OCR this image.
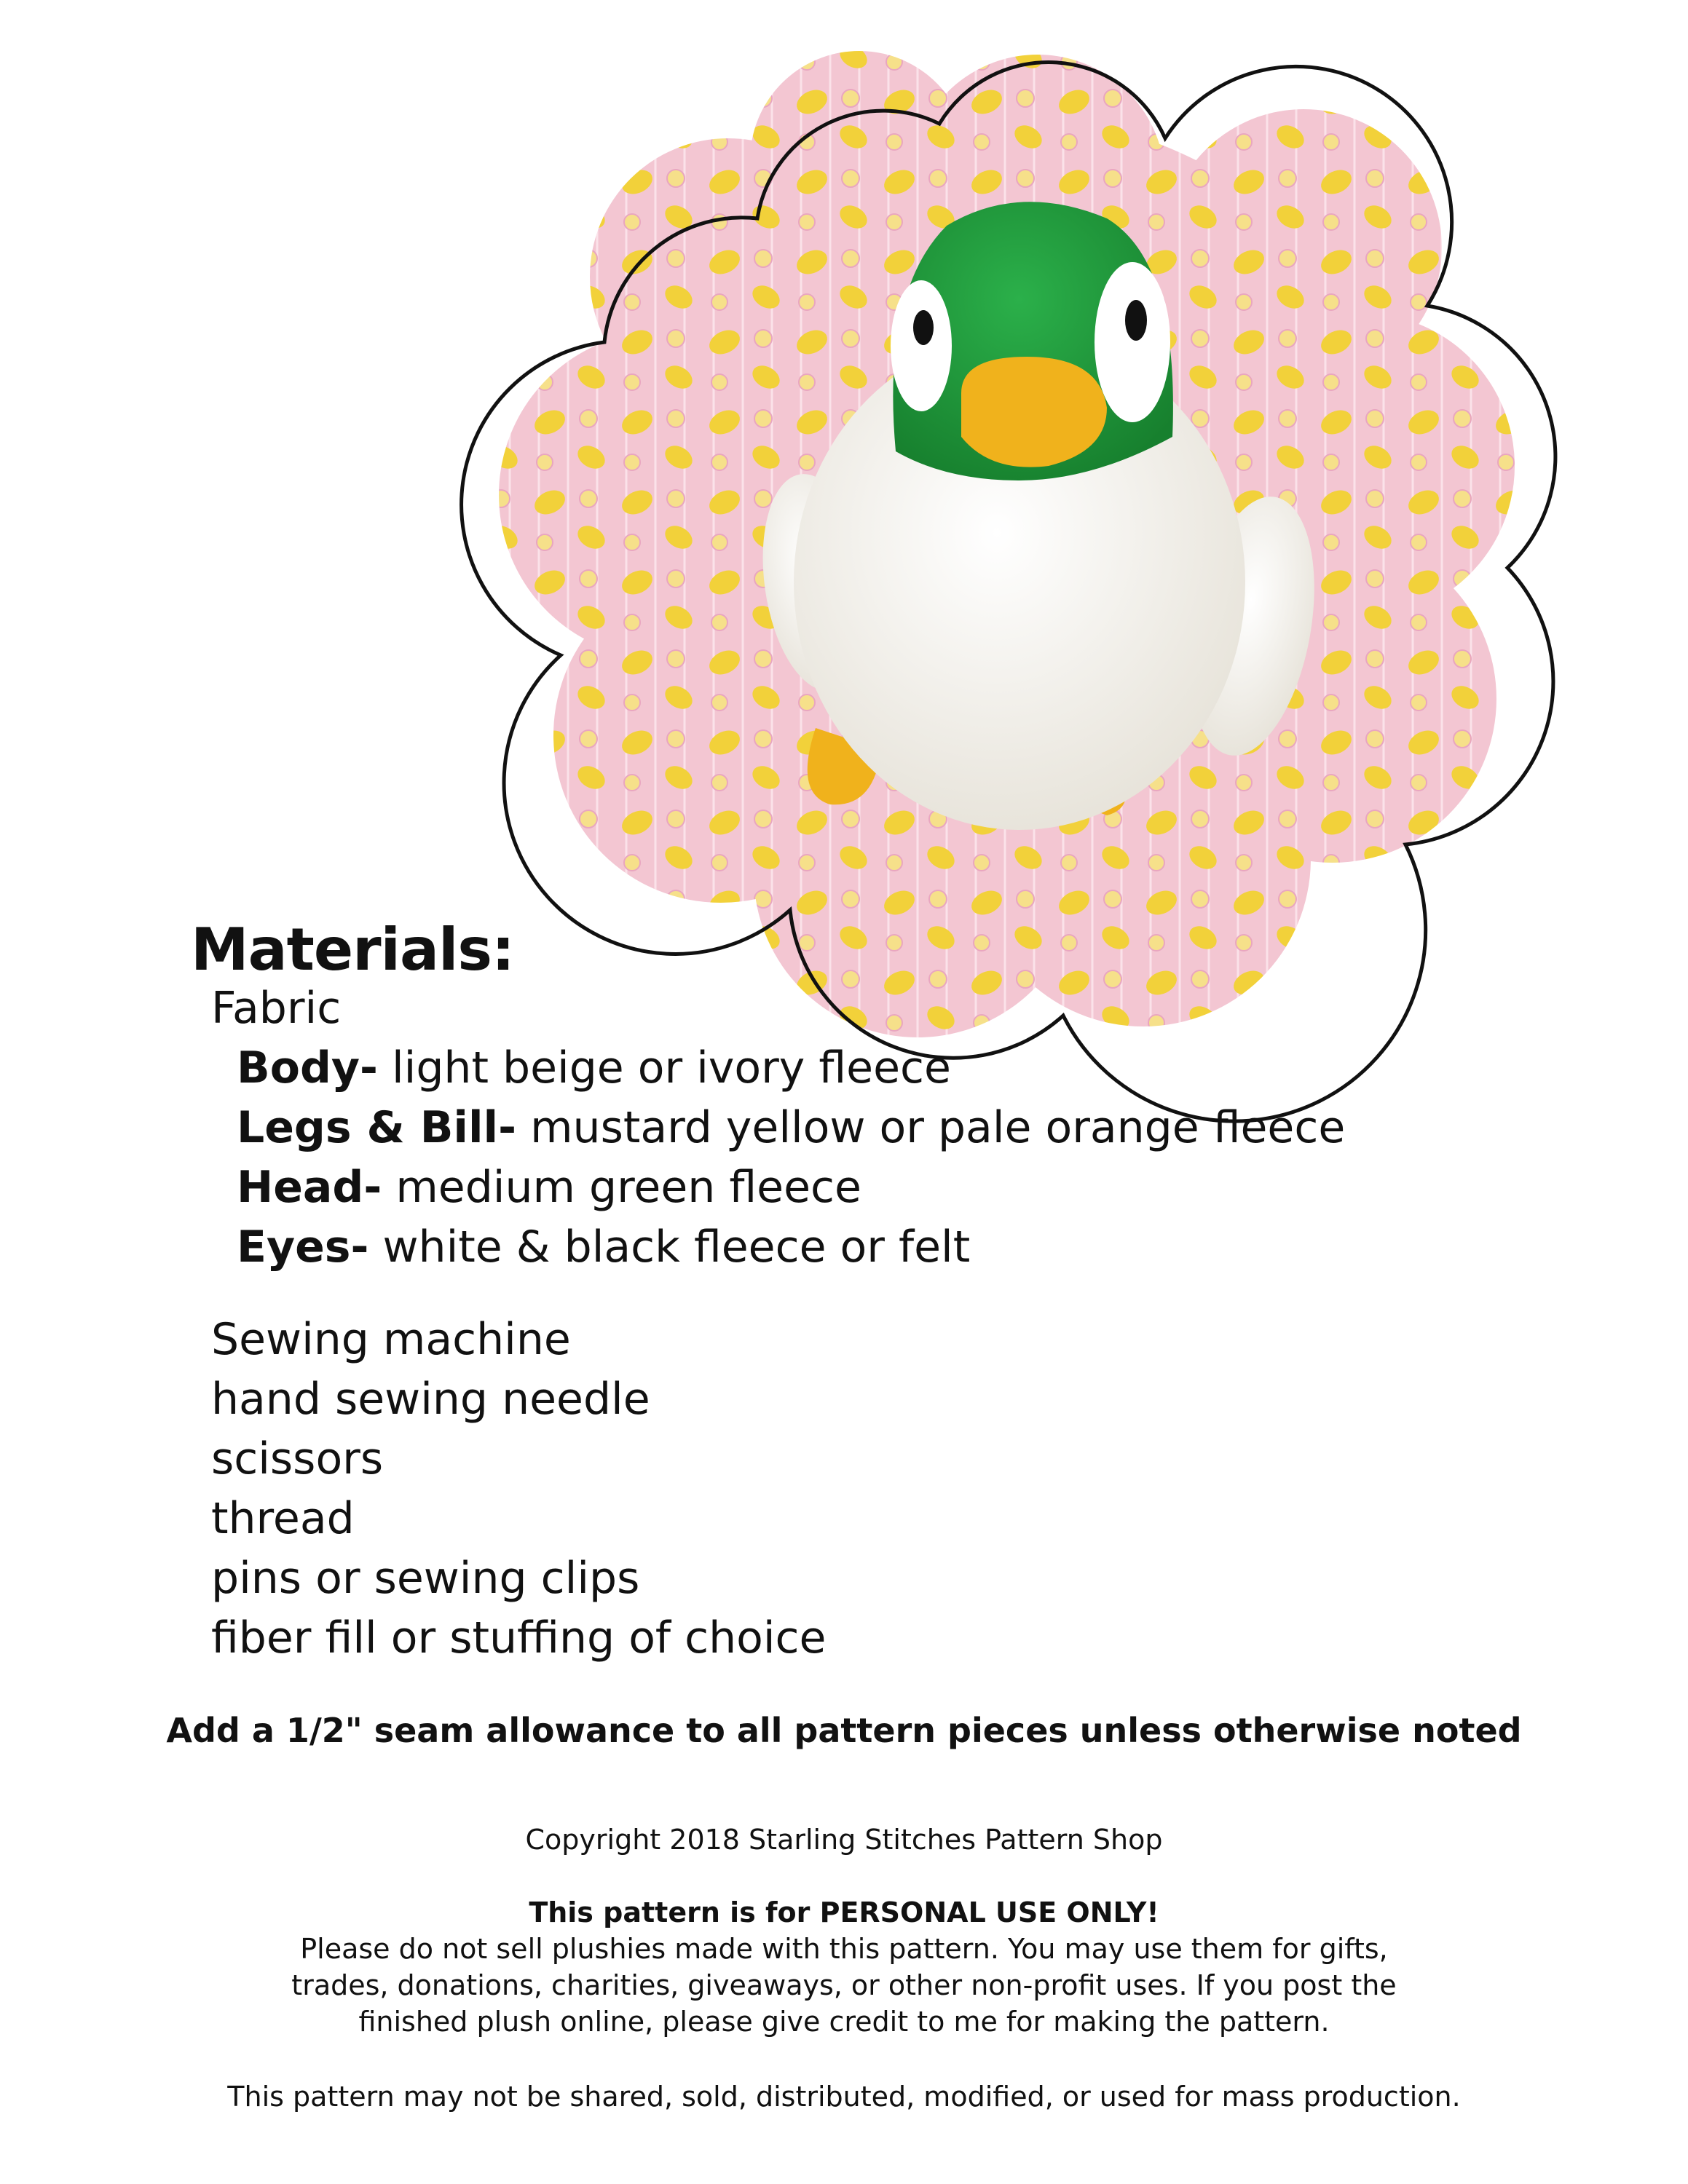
Materials:
Fabric
Body- light beige or ivory fleece
Legs & Bill- mustard yellow or pale orange fleece
Head- medium green fleece
Eyes- white & black fleece or felt
Sewing machine
hand sewing needle
scissors
thread
pins or sewing clips
fiber fill or stuffing of choice
Add a 1/2" seam allowance to all pattern pieces unless otherwise noted
Copyright 2018 Starling Stitches Pattern Shop
This pattern is for PERSONAL USE ONLY!
Please do not sell plushies made with this pattern. You may use them for gifts,
trades, donations, charities, giveaways, or other non-profit uses. If you post the
finished plush online, please give credit to me for making the pattern.
This pattern may not be shared, sold, distributed, modified, or used for mass production.
